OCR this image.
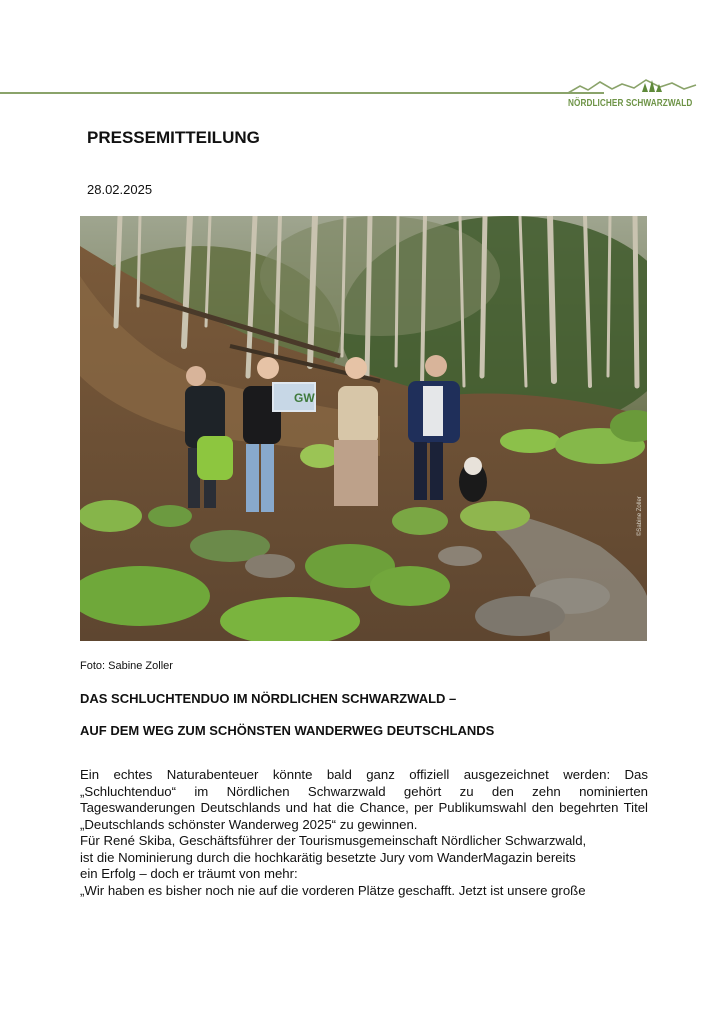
NÖRDLICHER SCHWARZWALD
PRESSEMITTEILUNG
28.02.2025
GW
©Sabine Zoller
Foto: Sabine Zoller
DAS SCHLUCHTENDUO IM NÖRDLICHEN SCHWARZWALD –
AUF DEM WEG ZUM SCHÖNSTEN WANDERWEG DEUTSCHLANDS

Ein echtes Naturabenteuer könnte bald ganz offiziell ausgezeichnet werden: Das „Schluchtenduo“ im Nördlichen Schwarzwald gehört zu den zehn nominierten Tageswanderungen Deutschlands und hat die Chance, per Publikumswahl den begehrten Titel „Deutschlands schönster Wanderweg 2025“ zu gewinnen.

Für René Skiba, Geschäftsführer der Tourismusgemeinschaft Nördlicher Schwarzwald,

ist die Nominierung durch die hochkarätig besetzte Jury vom WanderMagazin bereits

ein Erfolg – doch er träumt von mehr:

„Wir haben es bisher noch nie auf die vorderen Plätze geschafft. Jetzt ist unsere große
